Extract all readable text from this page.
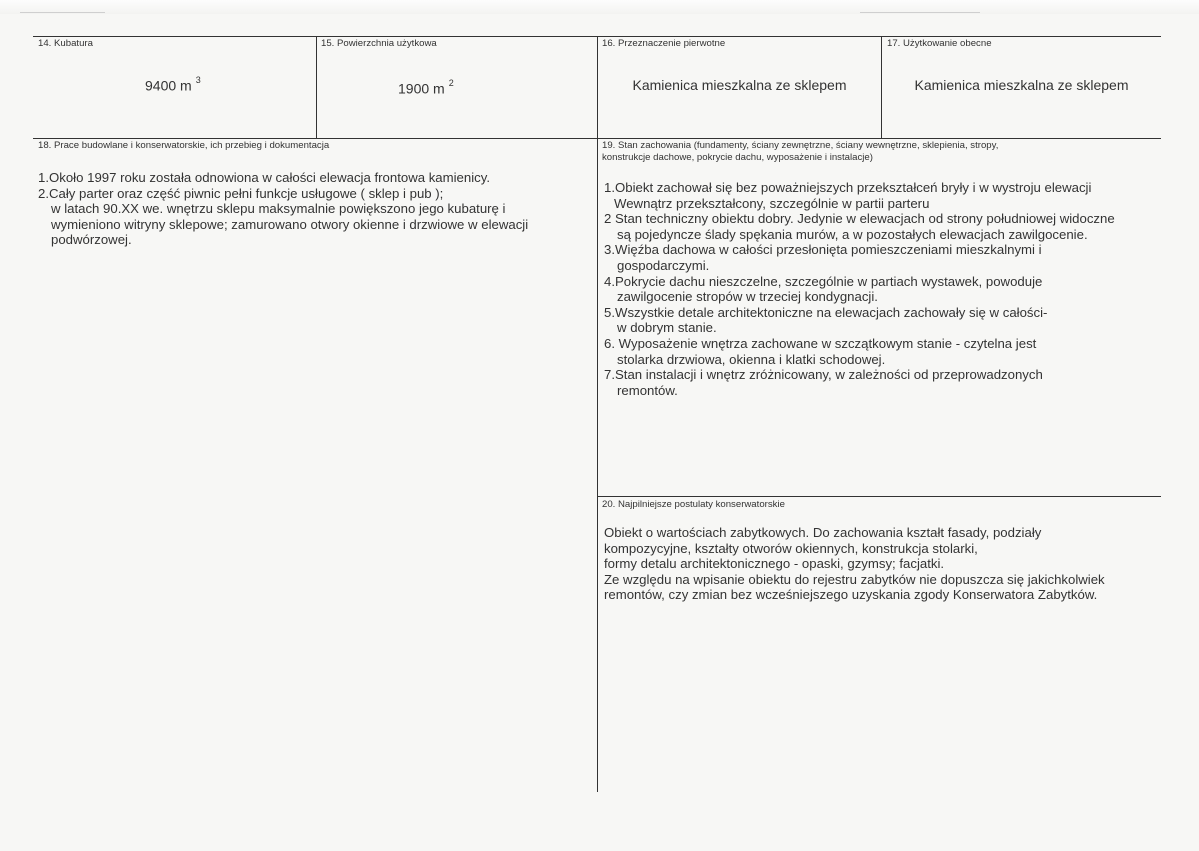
14. Kubatura
9400 m $^3$
15. Powierzchnia użytkowa
1900 m $^2$
16. Przeznaczenie pierwotne
Kamienica mieszkalna ze sklepem
17. Użytkowanie obecne
Kamienica mieszkalna ze sklepem
18. Prace budowlane i konserwatorskie, ich przebieg i dokumentacja

1.Około 1997 roku została odnowiona w całości elewacja frontowa kamienicy.

2.Cały parter oraz część piwnic pełni funkcje usługowe ( sklep i pub );

w latach 90.XX we. wnętrzu sklepu maksymalnie powiększono jego kubaturę i

wymieniono witryny sklepowe; zamurowano otwory okienne i drzwiowe w elewacji

podwórzowej.

19. Stan zachowania (fundamenty, ściany zewnętrzne, ściany wewnętrzne, sklepienia, stropy,
konstrukcje dachowe, pokrycie dachu, wyposażenie i instalacje)

1.Obiekt zachował się bez poważniejszych przekształceń bryły i w wystroju elewacji

Wewnątrz przekształcony, szczególnie w partii parteru

2 Stan techniczny obiektu dobry. Jedynie w elewacjach od strony południowej widoczne

są pojedyncze ślady spękania murów, a w pozostałych elewacjach zawilgocenie.

3.Więźba dachowa w całości przesłonięta pomieszczeniami mieszkalnymi i

gospodarczymi.

4.Pokrycie dachu nieszczelne, szczególnie w partiach wystawek, powoduje

zawilgocenie stropów w trzeciej kondygnacji.

5.Wszystkie detale architektoniczne na elewacjach zachowały się w całości-

w dobrym stanie.

6. Wyposażenie wnętrza zachowane w szczątkowym stanie - czytelna jest

stolarka drzwiowa, okienna i klatki schodowej.

7.Stan instalacji i wnętrz zróżnicowany, w zależności od przeprowadzonych

remontów.

20. Najpilniejsze postulaty konserwatorskie

Obiekt o wartościach zabytkowych. Do zachowania kształt fasady, podziały

kompozycyjne, kształty otworów okiennych, konstrukcja stolarki,

formy detalu architektonicznego - opaski, gzymsy; facjatki.

Ze względu na wpisanie obiektu do rejestru zabytków nie dopuszcza się jakichkolwiek

remontów, czy zmian bez wcześniejszego uzyskania zgody Konserwatora Zabytków.
